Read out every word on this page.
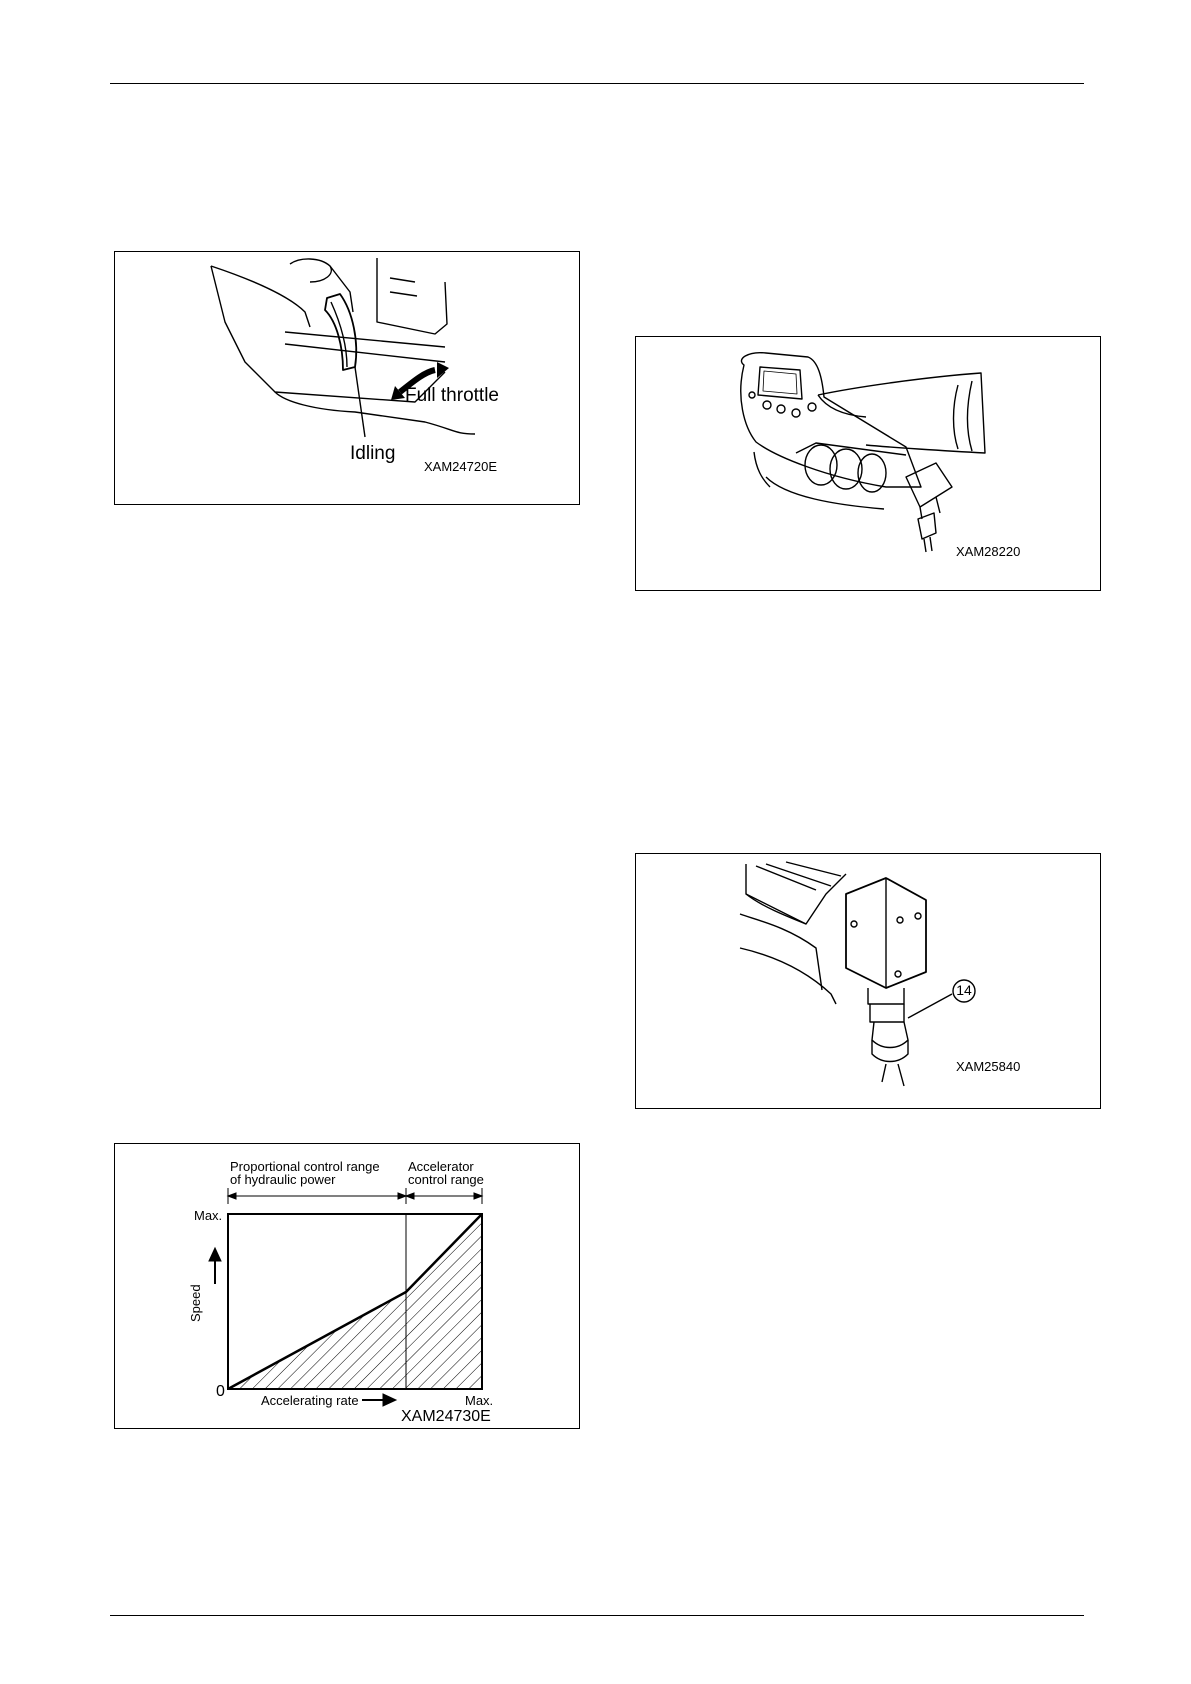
Full throttle
Idling
XAM24720E
XAM28220
14
XAM25840
Proportional control range
of hydraulic power
Accelerator
control range
Max.
0
Speed
Accelerating rate	Max.
XAM24730E
